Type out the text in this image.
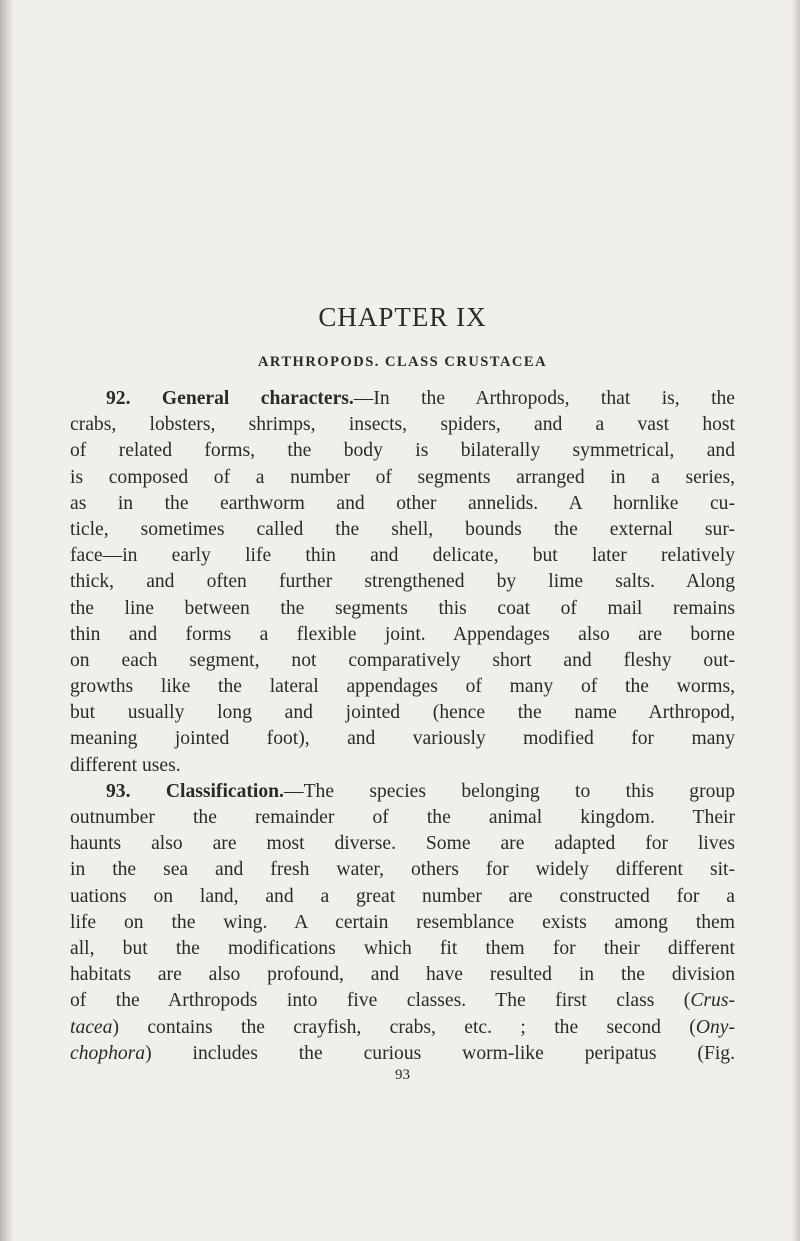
CHAPTER IX
ARTHROPODS. CLASS CRUSTACEA
92. General characters.—In the Arthropods, that is, the
crabs, lobsters, shrimps, insects, spiders, and a vast host
of related forms, the body is bilaterally symmetrical, and
is composed of a number of segments arranged in a series,
as in the earthworm and other annelids. A hornlike cu-
ticle, sometimes called the shell, bounds the external sur-
face—in early life thin and delicate, but later relatively
thick, and often further strengthened by lime salts. Along
the line between the segments this coat of mail remains
thin and forms a flexible joint. Appendages also are borne
on each segment, not comparatively short and fleshy out-
growths like the lateral appendages of many of the worms,
but usually long and jointed (hence the name Arthropod,
meaning jointed foot), and variously modified for many
different uses.
93. Classification.—The species belonging to this group
outnumber the remainder of the animal kingdom. Their
haunts also are most diverse. Some are adapted for lives
in the sea and fresh water, others for widely different sit-
uations on land, and a great number are constructed for a
life on the wing. A certain resemblance exists among them
all, but the modifications which fit them for their different
habitats are also profound, and have resulted in the division
of the Arthropods into five classes. The first class (Crus-
tacea) contains the crayfish, crabs, etc. ; the second (Ony-
chophora) includes the curious worm-like peripatus (Fig.
93
